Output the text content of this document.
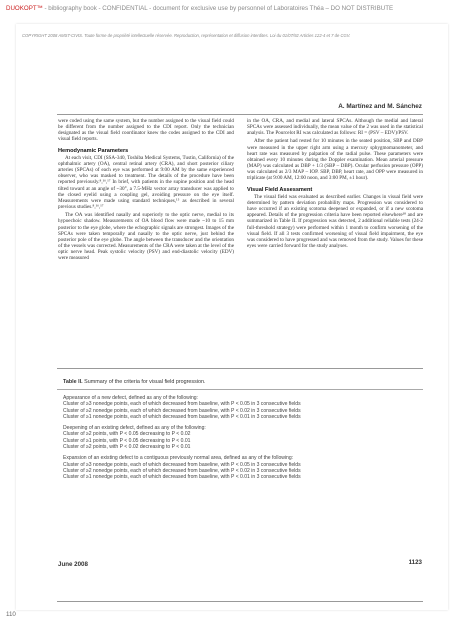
DUOKOPT™ - bibliography book - CONFIDENTIAL - document for exclusive use by personnel of Laboratoires Théa – DO NOT DISTRIBUTE
COPYRIGHT 2008 AMST-CIVIS. Toute forme de propriété intellectuelle réservée. Reproduction, représentation et diffusion interdites. Loi du 01/07/92 Articles 122-4 et 7 de CGV.
A. Martínez and M. Sánchez

were coded using the same system, but the number assigned to the visual field could be different from the number assigned to the CDI report. Only the technician designated as the visual field coordinator knew the codes assigned to the CDI and visual field reports.

Hemodynamic Parameters

At each visit, CDI (SSA-340, Toshiba Medical Systems, Tustin, California) of the ophthalmic artery (OA), central retinal artery (CRA), and short posterior ciliary arteries (SPCAs) of each eye was performed at 9:00 AM by the same experienced observer, who was masked to treatment. The details of the procedure have been reported previously.⁸,¹⁶,¹⁷ In brief, with patients in the supine position and the head tilted toward at an angle of ~30°, a 7.5-MHz vector array transducer was applied to the closed eyelid using a coupling gel, avoiding pressure on the eye itself. Measurements were made using standard techniques,¹⁵ as described in several previous studies.⁸,¹⁶,¹⁷

The OA was identified nasally and superiorly to the optic nerve, medial to its hypoechoic shadow. Measurements of OA blood flow were made ~10 to 15 mm posterior to the eye globe, where the echographic signals are strongest. Images of the SPCAs were taken temporally and nasally to the optic nerve, just behind the posterior pole of the eye globe. The angle between the transducer and the orientation of the vessels was corrected. Measurements of the CRA were taken at the level of the optic nerve head. Peak systolic velocity (PSV) and end-diastolic velocity (EDV) were measured

in the OA, CRA, and medial and lateral SPCAs. Although the medial and lateral SPCAs were assessed individually, the mean value of the 2 was used in the statistical analysis. The Pourcelot RI was calculated as follows: RI = (PSV – EDV)/PSV.

After the patient had rested for 10 minutes in the seated position, SBP and DBP were measured in the upper right arm using a mercury sphygmomanometer, and heart rate was measured by palpation of the radial pulse. These parameters were obtained every 10 minutes during the Doppler examination. Mean arterial pressure (MAP) was calculated as DBP + 1/3 (SBP – DBP). Ocular perfusion pressure (OPP) was calculated as 2/3 MAP – IOP. SBP, DBP, heart rate, and OPP were measured in triplicate (at 9:00 AM, 12:00 noon, and 3:00 PM, ±1 hour).

Visual Field Assessment

The visual field was evaluated as described earlier. Changes in visual field were determined by pattern deviation probability maps. Progression was considered to have occurred if an existing scotoma deepened or expanded, or if a new scotoma appeared. Details of the progression criteria have been reported elsewhere¹⁸ and are summarized in Table II. If progression was detected, 2 additional reliable tests (24-2 full-threshold strategy) were performed within 1 month to confirm worsening of the visual field. If all 3 tests confirmed worsening of visual field impairment, the eye was considered to have progressed and was removed from the study. Values for these eyes were carried forward for the study analyses.

Table II. Summary of the criteria for visual field progression.
Appearance of a new defect, defined as any of the following:
Cluster of ≥3 nonedge points, each of which decreased from baseline, with P < 0.05 in 3 consecutive fields
Cluster of ≥2 nonedge points, each of which decreased from baseline, with P < 0.02 in 3 consecutive fields
Cluster of ≥1 nonedge points, each of which decreased from baseline, with P < 0.01 in 3 consecutive fields
Deepening of an existing defect, defined as any of the following:
Cluster of ≥2 points, with P < 0.05 decreasing to P < 0.02
Cluster of ≥1 points, with P < 0.05 decreasing to P < 0.01
Cluster of ≥2 points, with P < 0.02 decreasing to P < 0.01
Expansion of an existing defect to a contiguous previously normal area, defined as any of the following:
Cluster of ≥3 nonedge points, each of which decreased from baseline, with P < 0.05 in 3 consecutive fields
Cluster of ≥2 nonedge points, each of which decreased from baseline, with P < 0.02 in 3 consecutive fields
Cluster of ≥1 nonedge points, each of which decreased from baseline, with P < 0.01 in 3 consecutive fields
June 2008	1123
110
